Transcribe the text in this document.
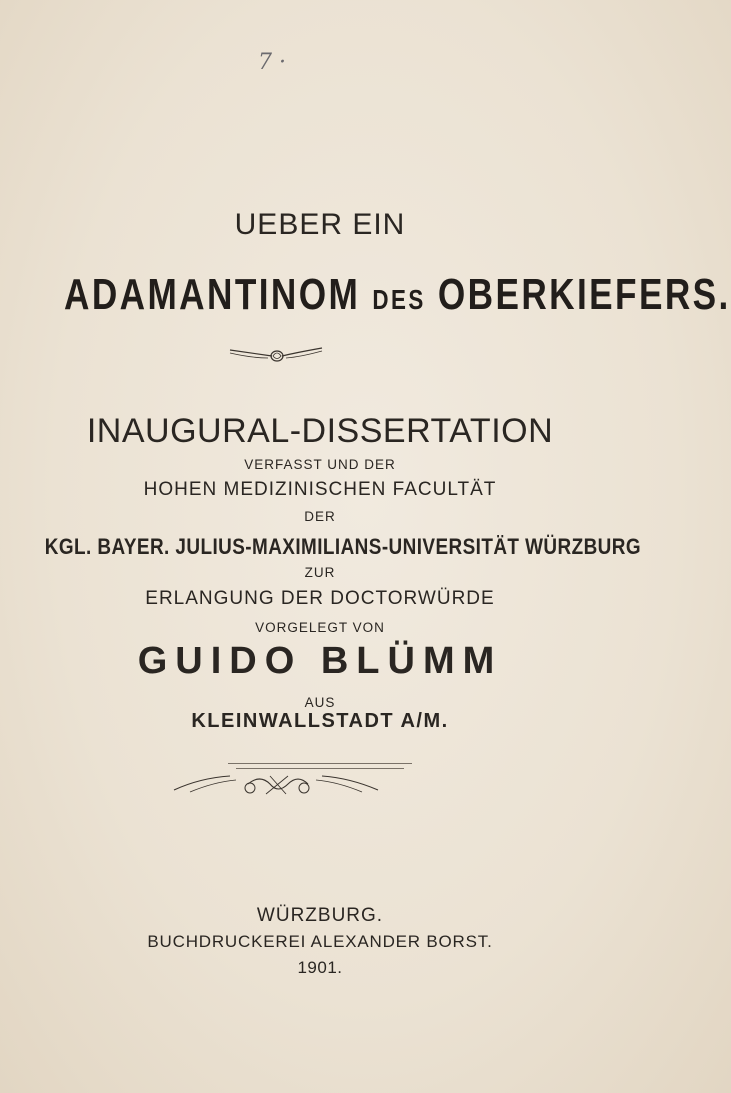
7 ·
UEBER EIN
ADAMANTINOM DES OBERKIEFERS.
INAUGURAL-DISSERTATION
VERFASST UND DER
HOHEN MEDIZINISCHEN FACULTÄT
DER
KGL. BAYER. JULIUS-MAXIMILIANS-UNIVERSITÄT WÜRZBURG
ZUR
ERLANGUNG DER DOCTORWÜRDE
VORGELEGT VON
GUIDO BLÜMM
AUS
KLEINWALLSTADT A/M.
WÜRZBURG.
BUCHDRUCKEREI ALEXANDER BORST.
1901.
